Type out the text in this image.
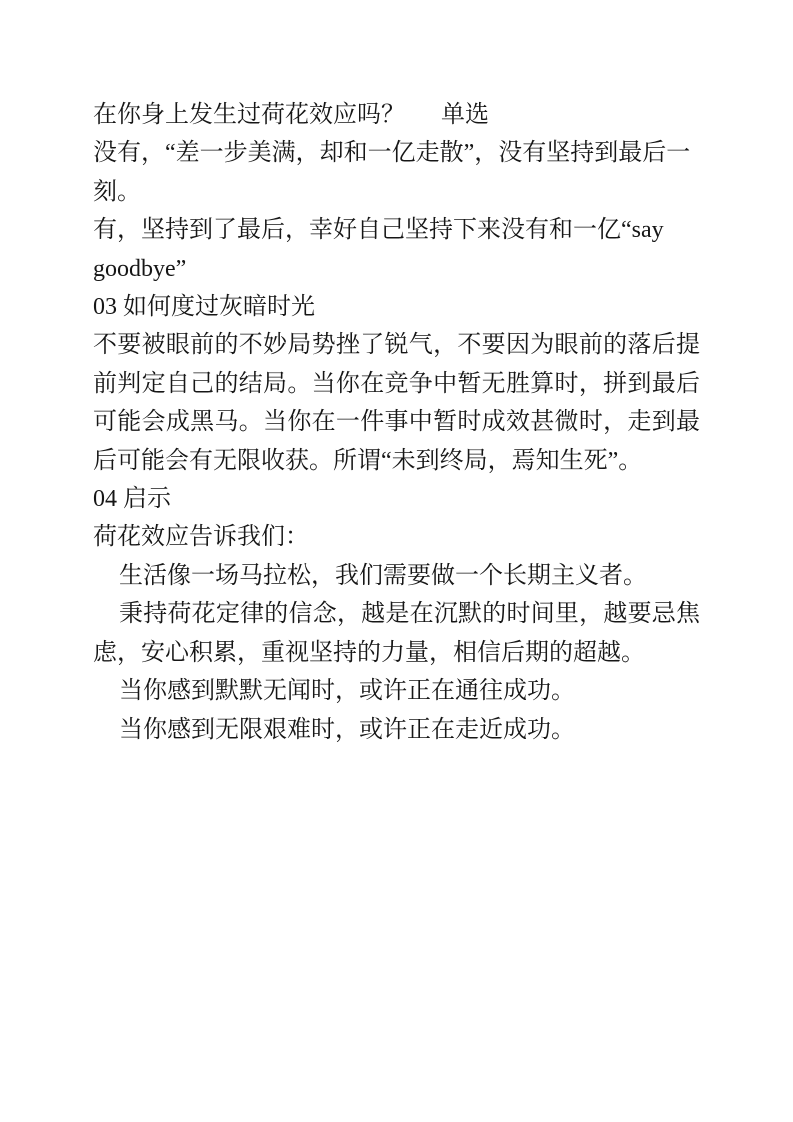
在你身上发生过荷花效应吗？ 单选

没有，“差一步美满，却和一亿走散”，没有坚持到最后一刻。

有，坚持到了最后，幸好自己坚持下来没有和一亿“say goodbye”

03 如何度过灰暗时光

不要被眼前的不妙局势挫了锐气，不要因为眼前的落后提前判定自己的结局。当你在竞争中暂无胜算时，拼到最后可能会成黑马。当你在一件事中暂时成效甚微时，走到最后可能会有无限收获。所谓“未到终局，焉知生死”。

04 启示

荷花效应告诉我们：

生活像一场马拉松，我们需要做一个长期主义者。

秉持荷花定律的信念，越是在沉默的时间里，越要忌焦虑，安心积累，重视坚持的力量，相信后期的超越。

当你感到默默无闻时，或许正在通往成功。

当你感到无限艰难时，或许正在走近成功。
